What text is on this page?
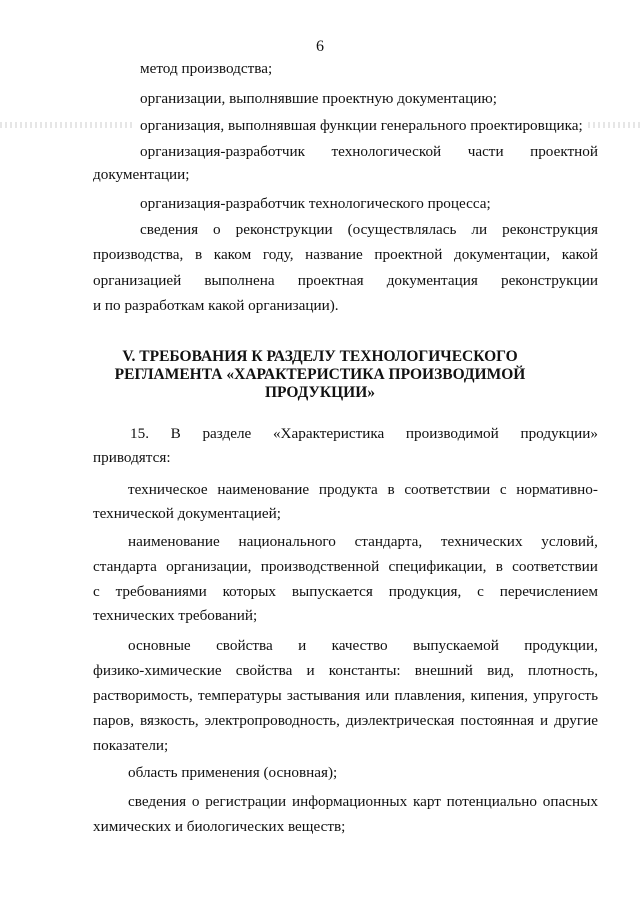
6
метод производства;
организации, выполнявшие проектную документацию;
организация, выполнявшая функции генерального проектировщика;
организация-разработчик технологической части проектной
документации;
организация-разработчик технологического процесса;
сведения о реконструкции (осуществлялась ли реконструкция
производства, в каком году, название проектной документации, какой
организацией выполнена проектная документация реконструкции
и по разработкам какой организации).
V. ТРЕБОВАНИЯ К РАЗДЕЛУ ТЕХНОЛОГИЧЕСКОГО
РЕГЛАМЕНТА «ХАРАКТЕРИСТИКА ПРОИЗВОДИМОЙ
ПРОДУКЦИИ»
15. В разделе «Характеристика производимой продукции»
приводятся:
техническое наименование продукта в соответствии с нормативно-
технической документацией;
наименование национального стандарта, технических условий,
стандарта организации, производственной спецификации, в соответствии
с требованиями которых выпускается продукция, с перечислением
технических требований;
основные свойства и качество выпускаемой продукции,
физико-химические свойства и константы: внешний вид, плотность,
растворимость, температуры застывания или плавления, кипения, упругость
паров, вязкость, электропроводность, диэлектрическая постоянная и другие
показатели;
область применения (основная);
сведения о регистрации информационных карт потенциально опасных
химических и биологических веществ;
